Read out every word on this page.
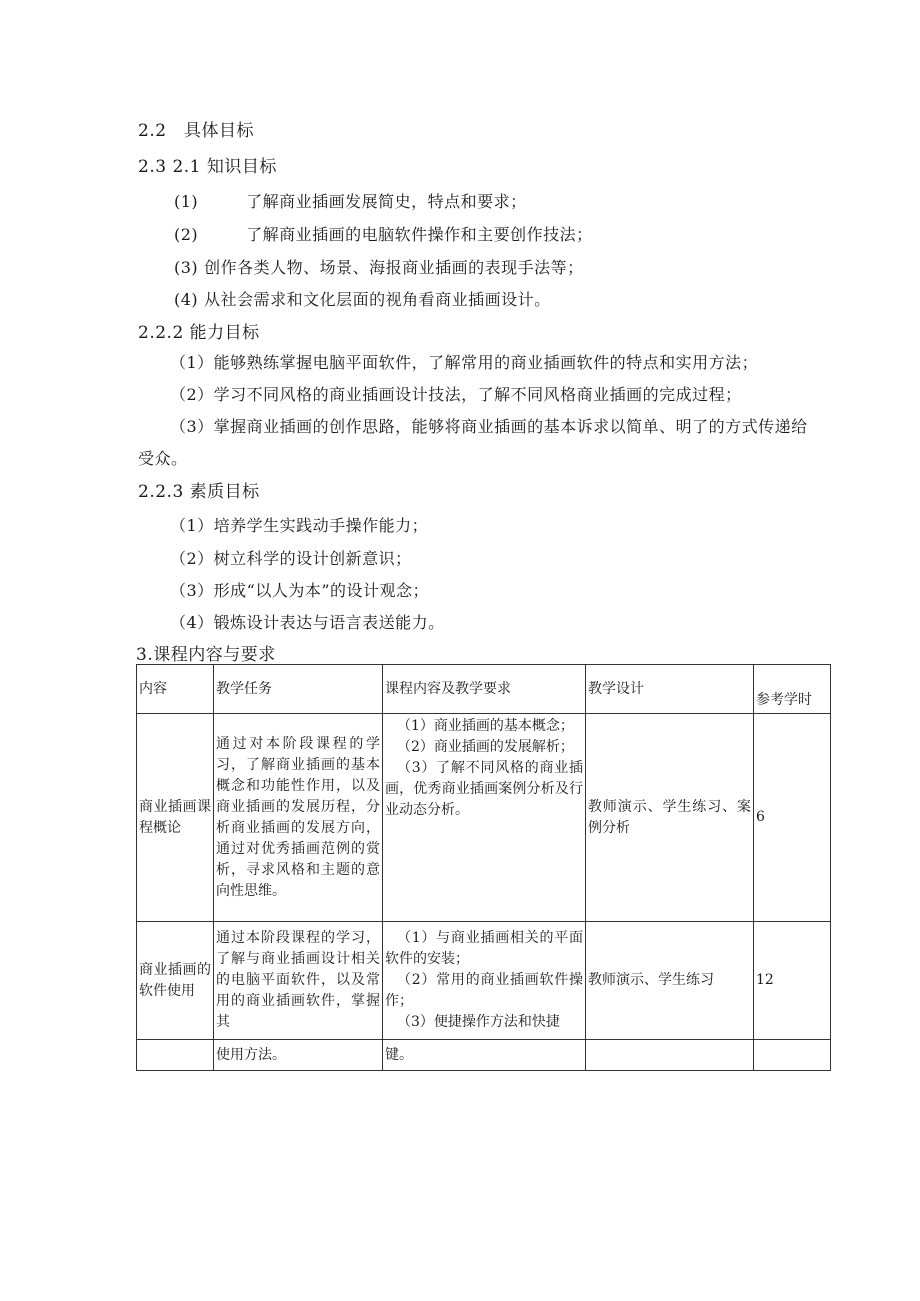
2.2　具体目标
2.3 2.1 知识目标
(1)	了解商业插画发展简史，特点和要求；
(2)	了解商业插画的电脑软件操作和主要创作技法；
(3) 创作各类人物、场景、海报商业插画的表现手法等；
(4) 从社会需求和文化层面的视角看商业插画设计。
2.2.2 能力目标
（1）能够熟练掌握电脑平面软件，了解常用的商业插画软件的特点和实用方法；
（2）学习不同风格的商业插画设计技法，了解不同风格商业插画的完成过程；
（3）掌握商业插画的创作思路，能够将商业插画的基本诉求以简单、明了的方式传递给
受众。
2.2.3 素质目标
（1）培养学生实践动手操作能力；
（2）树立科学的设计创新意识；
（3）形成“以人为本”的设计观念；
（4）锻炼设计表达与语言表送能力。
3.课程内容与要求
内容	教学任务	课程内容及教学要求	教学设计	参考学时
商业插画课程概论	通过对本阶段课程的学习，了解商业插画的基本概念和功能性作用，以及商业插画的发展历程，分析商业插画的发展方向，通过对优秀插画范例的赏析，寻求风格和主题的意向性思维。	（1）商业插画的基本概念；
（2）商业插画的发展解析；
（3）了解不同风格的商业插画，优秀商业插画案例分析及行业动态分析。	教师演示、学生练习、案例分析	6
商业插画的软件使用	通过本阶段课程的学习，了解与商业插画设计相关的电脑平面软件，以及常用的商业插画软件，掌握其	（1）与商业插画相关的平面软件的安装；
（2）常用的商业插画软件操作；
（3）便捷操作方法和快捷	教师演示、学生练习	12
	使用方法。	键。		
